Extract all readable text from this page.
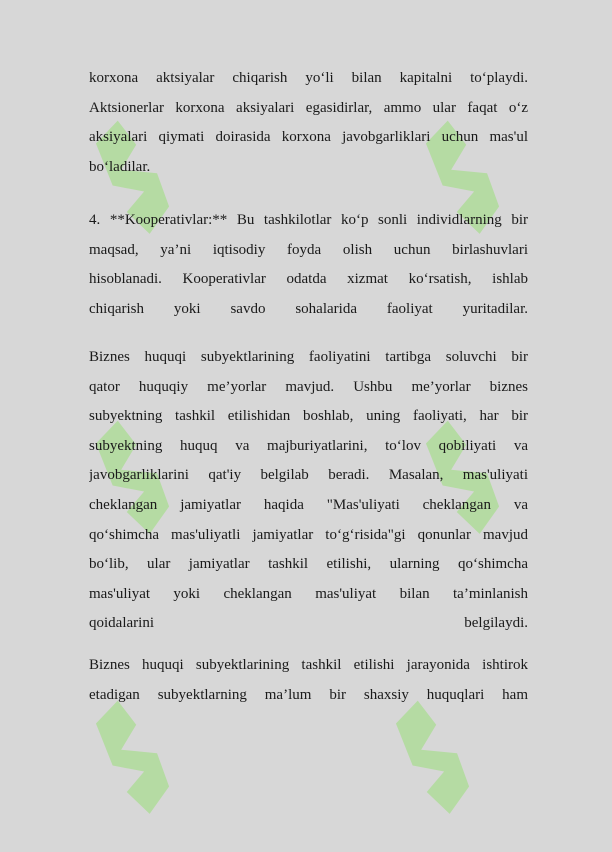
korxona aktsiyalar chiqarish yo‘li bilan kapitalni to‘playdi.
Aktsionerlar korxona aksiyalari egasidirlar, ammo ular faqat o‘z
aksiyalari qiymati doirasida korxona javobgarliklari uchun mas'ul
bo‘ladilar.
4. **Kooperativlar:** Bu tashkilotlar ko‘p sonli individlarning bir
maqsad, ya’ni iqtisodiy foyda olish uchun birlashuvlari
hisoblanadi. Kooperativlar odatda xizmat ko‘rsatish, ishlab
chiqarish yoki savdo sohalarida faoliyat yuritadilar.
Biznes huquqi subyektlarining faoliyatini tartibga soluvchi bir
qator huquqiy me’yorlar mavjud. Ushbu me’yorlar biznes
subyektning tashkil etilishidan boshlab, uning faoliyati, har bir
subyektning huquq va majburiyatlarini, to‘lov qobiliyati va
javobgarliklarini qat'iy belgilab beradi. Masalan, mas'uliyati
cheklangan jamiyatlar haqida "Mas'uliyati cheklangan va
qo‘shimcha mas'uliyatli jamiyatlar to‘g‘risida"gi qonunlar mavjud
bo‘lib, ular jamiyatlar tashkil etilishi, ularning qo‘shimcha
mas'uliyat yoki cheklangan mas'uliyat bilan ta’minlanish
qoidalarini belgilaydi.
Biznes huquqi subyektlarining tashkil etilishi jarayonida ishtirok
etadigan subyektlarning ma’lum bir shaxsiy huquqlari ham
